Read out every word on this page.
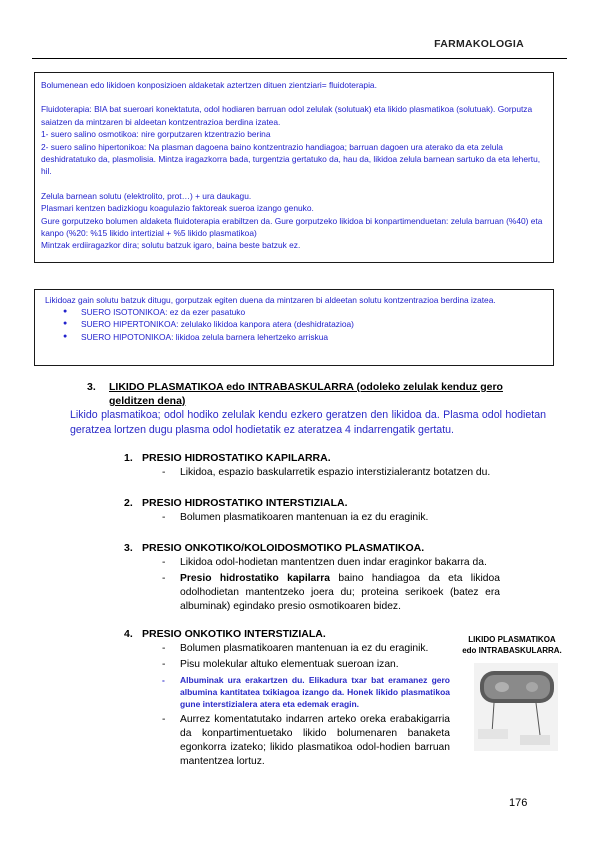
FARMAKOLOGIA

Bolumenean edo likidoen konposizioen aldaketak aztertzen dituen zientziari= fluidoterapia.

Fluidoterapia: BIA bat sueroari konektatuta, odol hodiaren barruan odol zelulak (solutuak) eta likido plasmatikoa (solutuak). Gorputza saiatzen da mintzaren bi aldeetan kontzentrazioa berdina izatea.

1- suero salino osmotikoa: nire gorputzaren ktzentrazio berina

2- suero salino hipertonikoa: Na plasman dagoena baino kontzentrazio handiagoa; barruan dagoen ura aterako da eta zelula deshidratatuko da, plasmolisia. Mintza iragazkorra bada, turgentzia gertatuko da, hau da, likidoa zelula barnean sartuko da eta lehertu, hil.

Zelula barnean solutu (elektrolito, prot…) + ura daukagu.

Plasmari kentzen badizkiogu koagulazio faktoreak sueroa izango genuko.

Gure gorputzeko bolumen aldaketa fluidoterapia erabiltzen da. Gure gorputzeko likidoa bi konpartimenduetan: zelula barruan (%40) eta kanpo (%20: %15 likido intertizial + %5 likido plasmatikoa)

Mintzak erdiiragazkor dira; solutu batzuk igaro, baina beste batzuk ez.

Likidoaz gain solutu batzuk ditugu, gorputzak egiten duena da mintzaren bi aldeetan solutu kontzentrazioa berdina izatea.

● SUERO ISOTONIKOA: ez da ezer pasatuko
● SUERO HIPERTONIKOA: zelulako likidoa kanpora atera (deshidratazioa)
● SUERO HIPOTONIKOA: likidoa zelula barnera lehertzeko arriskua
3. LIKIDO PLASMATIKOA edo INTRABASKULARRA (odoleko zelulak kenduz gero gelditzen dena)
Likido plasmatikoa; odol hodiko zelulak kendu ezkero geratzen den likidoa da. Plasma odol hodietan geratzea lortzen dugu plasma odol hodietatik ez ateratzea 4 indarrengatik gertatu.
1. PRESIO HIDROSTATIKO KAPILARRA.
- Likidoa, espazio baskularretik espazio interstizialerantz botatzen du.
2. PRESIO HIDROSTATIKO INTERSTIZIALA.
- Bolumen plasmatikoaren mantenuan ia ez du eraginik.
3. PRESIO ONKOTIKO/KOLOIDOSMOTIKO PLASMATIKOA.
- Likidoa odol-hodietan mantentzen duen indar eraginkor bakarra da.
- Presio hidrostatiko kapilarra baino handiagoa da eta likidoa odolhodietan mantentzeko joera du; proteina serikoek (batez era albuminak) egindako presio osmotikoaren bidez.
4. PRESIO ONKOTIKO INTERSTIZIALA.
- Bolumen plasmatikoaren mantenuan ia ez du eraginik.
- Pisu molekular altuko elementuak sueroan izan.
- Albuminak ura erakartzen du. Elikadura txar bat eramanez gero albumina kantitatea txikiagoa izango da. Honek likido plasmatikoa gune interstizialera atera eta edemak eragin.
- Aurrez komentatutako indarren arteko oreka erabakigarria da konpartimentuetako likido bolumenaren banaketa egonkorra izateko; likido plasmatikoa odol-hodien barruan mantentzea lortuz.
LIKIDO PLASMATIKOA edo INTRABASKULARRA.
176
